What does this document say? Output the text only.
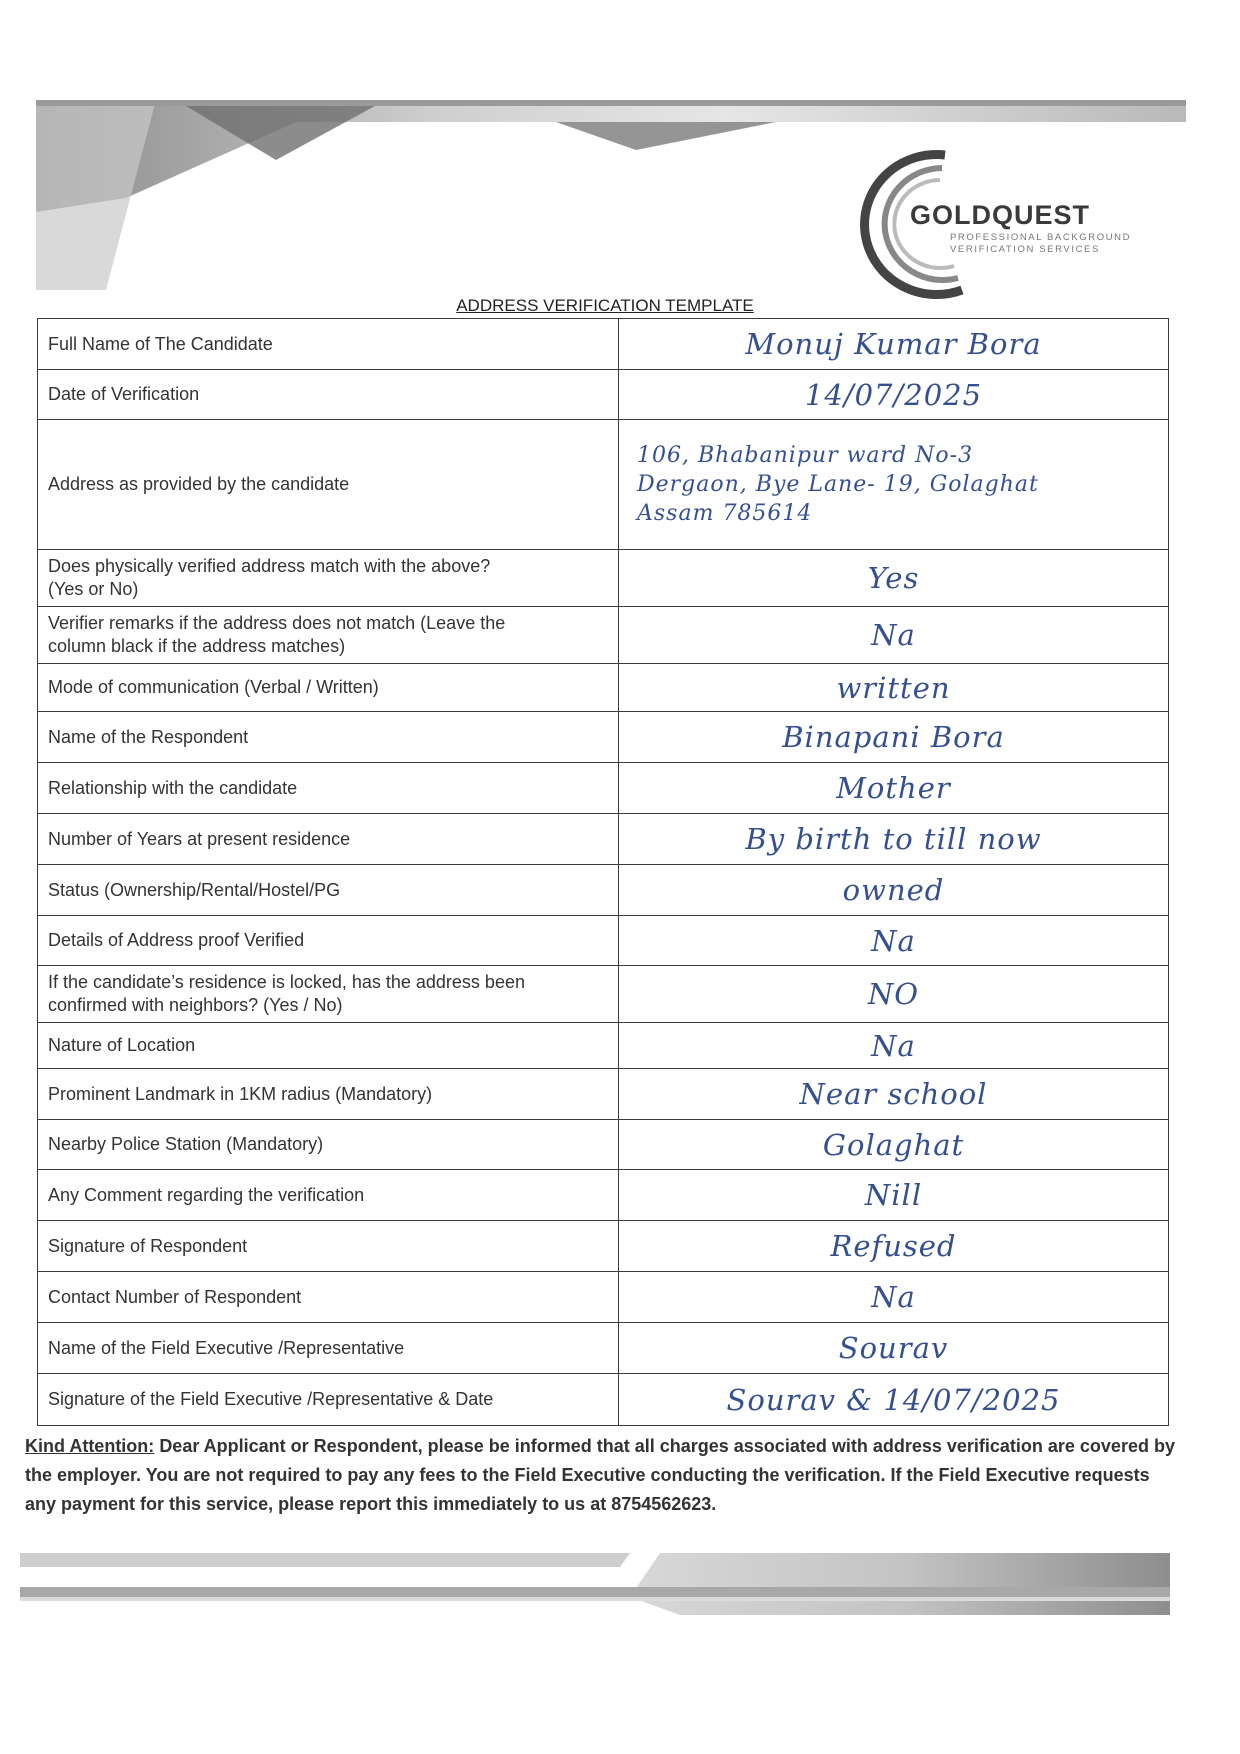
GOLDQUEST
PROFESSIONAL BACKGROUND
VERIFICATION SERVICES
ADDRESS VERIFICATION TEMPLATE
Full Name of The Candidate	Monuj Kumar Bora
Date of Verification	14/07/2025
Address as provided by the candidate	106, Bhabanipur ward No-3
Dergaon, Bye Lane- 19, Golaghat
Assam 785614

Does physically verified address match with the above?
(Yes or No)	Yes

Verifier remarks if the address does not match (Leave the
column black if the address matches)	Na
Mode of communication (Verbal / Written)	written
Name of the Respondent	Binapani Bora
Relationship with the candidate	Mother
Number of Years at present residence	By birth to till now
Status (Ownership/Rental/Hostel/PG	owned
Details of Address proof Verified	Na

If the candidate’s residence is locked, has the address been
confirmed with neighbors? (Yes / No)	NO
Nature of Location	Na
Prominent Landmark in 1KM radius (Mandatory)	Near school
Nearby Police Station (Mandatory)	Golaghat
Any Comment regarding the verification	Nill
Signature of Respondent	Refused
Contact Number of Respondent	Na
Name of the Field Executive /Representative	Sourav
Signature of the Field Executive /Representative & Date	Sourav & 14/07/2025
Kind Attention: Dear Applicant or Respondent, please be informed that all charges associated with address verification are covered by the employer. You are not required to pay any fees to the Field Executive conducting the verification. If the Field Executive requests any payment for this service, please report this immediately to us at 8754562623.
